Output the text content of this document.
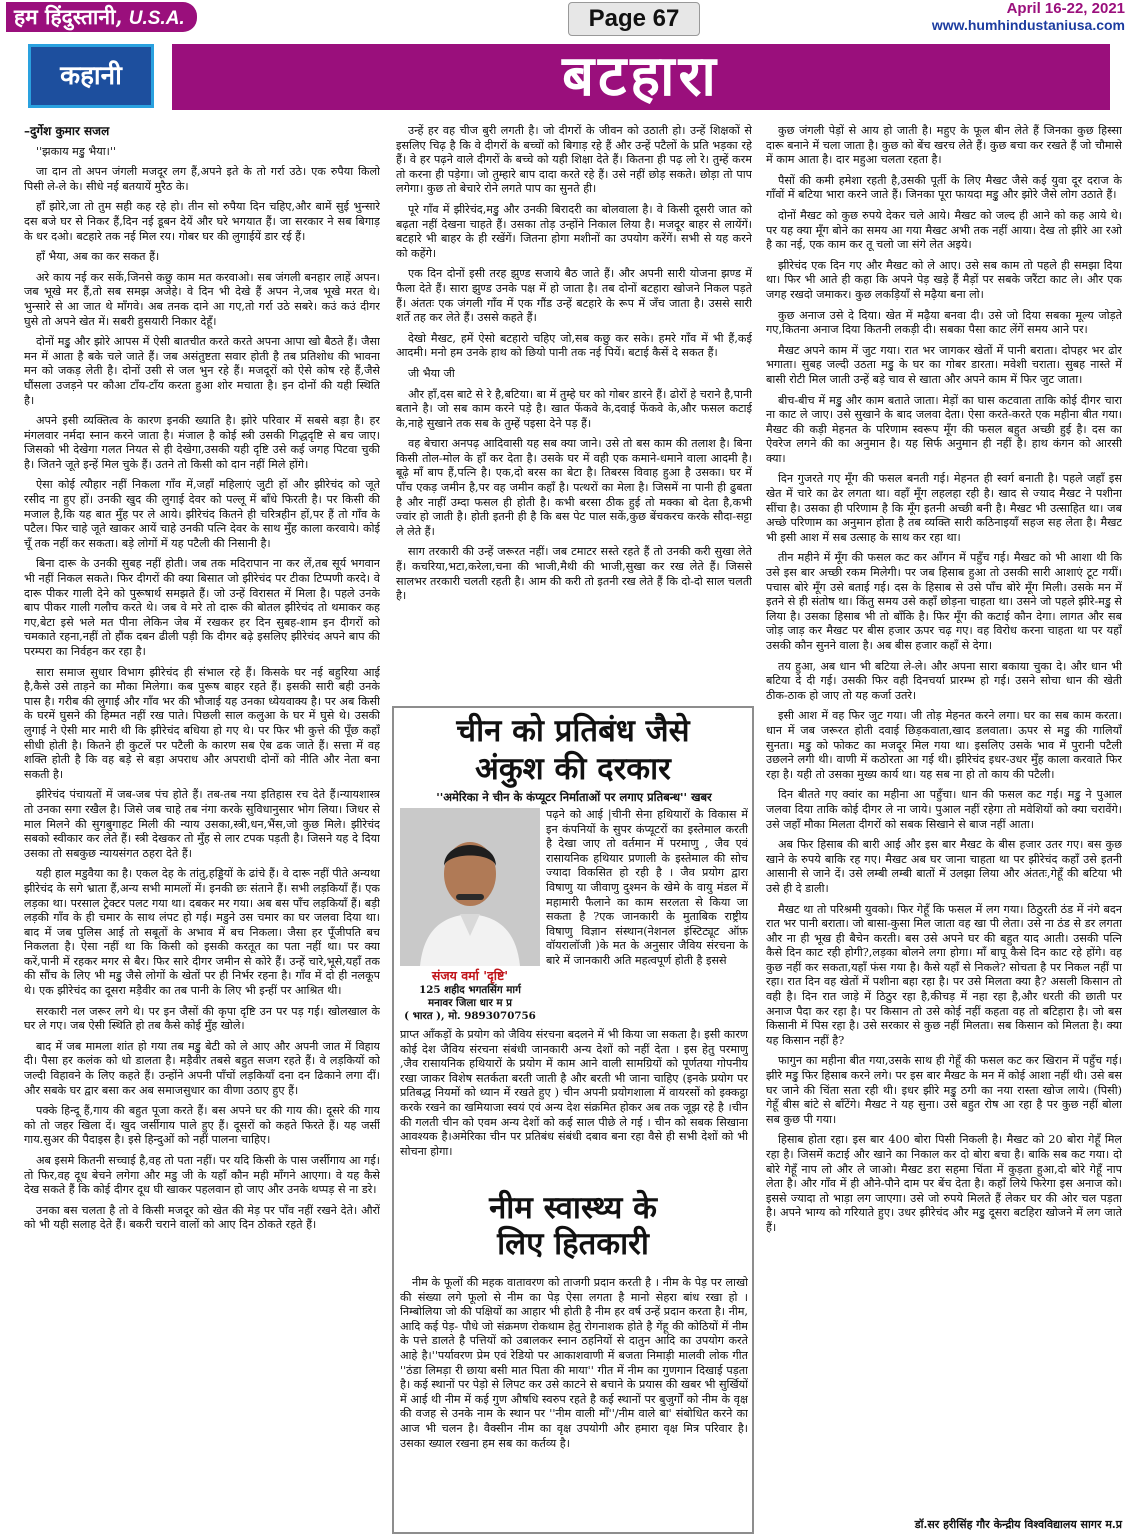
हम हिंदुस्तानी, U.S.A.	Page 67	April 16-22, 2021
www.humhindustaniusa.com
कहानी	बटहारा

–दुर्गेश कुमार सजल

''झकाय मडु़ भैया।''

जा दान तो अपन जंगली मजदूर लग हैं,अपने इते के तो गर्रा उठे। एक रुपैया किलो पिसी ले-ले के। सीधे नई बतयायें मुरैठ के।

हाँ झोरे,जा तो तुम सही कह रहे हो। तीन सो रुपैया दिन चहिए,और बामें सुई भुन्सारे दस बजे घर से निकर हैं,दिन नई डूबन देयें और घरे भगयात हैं। जा सरकार ने सब बिगाड़ के धर दओ। बटहारे तक नई मिल रय। गोबर घर की लुगाईयें डार रई हैं।

हाँ भैया, अब का कर सकत हैं।

अरे काय नई कर सकें,जिनसे कछु काम मत करवाओ। सब जंगली बनहार लाहें अपन। जब भूखे मर हैं,तो सब समझ अजेहे। वे दिन भी देखे हैं अपन ने,जब भूखे मरत थे। भुन्सारे से आ जात थे माँगवे। अब तनक दाने आ गए,तो गर्रा उठे सबरे। कउं कउं दीगर घुसे तो अपने खेत में। सबरी हुसयारी निकार देहूँ।

दोनों मडु़ और झोरे आपस में ऐसी बातचीत करते करते अपना आपा खो बैठते हैं। जैसा मन में आता है बके चले जाते हैं। जब असंतुष्टता सवार होती है तब प्रतिशोध की भावना मन को जकड़ लेती है। दोनों उसी से जल भुन रहे हैं। मजदूरों को ऐसे कोष रहे हैं,जैसे घौंसला उजड़ने पर कौआ टाँय-टाँय करता हुआ शोर मचाता है। इन दोनों की यही स्थिति है।

अपने इसी व्यक्तित्व के कारण इनकी ख्याति है। झोरे परिवार में सबसे बड़ा है। हर मंगलवार नर्मदा स्नान करने जाता है। मंजाल है कोई स्त्री उसकी गिद्धदृष्टि से बच जाए। जिसको भी देखेगा गलत नियत से ही देखेगा,उसकी यही दृष्टि उसे कई जगह पिटवा चुकी है। जितने जूते इन्हें मिल चुके हैं। उतने तो किसी को दान नहीं मिले होंगे।

ऐसा कोई त्यौहार नहीं निकला गाँव में,जहाँ महिलाएं जुटी हों और झीरेचंद को जूते रसीद ना हुए हों। उनकी खुद की लुगाई देवर को पल्लू में बाँधे फिरती है। पर किसी की मजाल है,कि यह बात मुँह पर ले आये। झीरेचंद कितने ही चरित्रहीन हों,पर हैं तो गाँव के पटैल। फिर चाहे जूते खाकर आयें चाहे उनकी पत्नि देवर के साथ मुँह काला करवाये। कोई चूँ तक नहीं कर सकता। बड़े लोगों में यह पटैली की निसानी है।

बिना दारू के उनकी सुबह नहीं होती। जब तक मदिरापान ना कर लें,तब सूर्य भगवान भी नहीं निकल सकते। फिर दीगरों की क्या बिसात जो झीरेचंद पर टीका टिप्पणी करदे। वे दारू पीकर गाली देने को पुरूषार्थ समझते हैं। जो उन्हें विरासत में मिला है। पहले उनके बाप पीकर गाली गलौच करते थे। जब वे मरे तो दारू की बोतल झीरेचंद तो थमाकर कह गए,बेटा इसे भले मत पीना लेकिन जेब में रखकर हर दिन सुबह-शाम इन दीगरों को चमकाते रहना,नहीं तो हौंक दबन ढीली पड़ी कि दीगर बढ़े इसलिए झीरेचंद अपने बाप की परम्परा का निर्वहन कर रहा है।

सारा समाज सुधार विभाग झीरेचंद ही संभाल रहे हैं। किसके घर नई बहुरिया आई है,कैसे उसे ताड़ने का मौका मिलेगा। कब पुरूष बाहर रहते हैं। इसकी सारी बही उनके पास है। गरीब की लुगाई और गाँव भर की भौजाई यह उनका ध्येयवाक्य है। पर अब किसी के घरमें घुसने की हिम्मत नहीं रख पाते। पिछली साल कलुआ के घर में घुसे थे। उसकी लुगाई ने ऐसी मार मारी थी कि झीरेचंद बधिया हो गए थे। पर फिर भी कुत्ते की पूँछ कहाँ सीधी होती है। कितने ही कुटलें पर पटैली के कारण सब ऐब ढक जाते हैं। सत्ता में वह शक्ति होती है कि वह बड़े से बड़ा अपराध और अपराधी दोनों को नीति और नेता बना सकती है।

झीरेचंद पंचायतों में जब-जब पंच होते हैं। तब-तब नया इतिहास रच देते हैं।न्यायशास्त्र तो उनका सगा रखैल है। जिसे जब चाहे तब नंगा करके सुविधानुसार भोग लिया। जिधर से माल मिलने की सुगबुगाहट मिली की न्याय उसका,स्त्री,धन,भैंस,जो कुछ मिले। झीरेचंद सबको स्वीकार कर लेते हैं। स्त्री देखकर तो मुँह से लार टपक पड़ती है। जिसने यह दे दिया उसका तो सबकुछ न्यायसंगत ठहरा देते हैं।

यही हाल मडुवैया का है। एकल देह के तांतु,हड्डियों के ढांचे हैं। वे दारू नहीं पीते अन्यथा झीरेचंद के सगे भ्राता हैं,अन्य सभी मामलों में। इनकी छः संताने हैं। सभी लड़कियाँ हैं। एक लड़का था। परसाल ट्रेक्टर पलट गया था। दबकर मर गया। अब बस पाँच लड़कियाँ हैं। बड़ी लड़की गाँव के ही चमार के साथ लंपट हो गई। मडुने उस चमार का घर जलवा दिया था। बाद में जब पुलिस आई तो सबूतों के अभाव में बच निकला। जैसा हर पूँजीपति बच निकलता है। ऐसा नहीं था कि किसी को इसकी करतूत का पता नहीं था। पर क्या करें,पानी में रहकर मगर से बैर। फिर सारे दीगर जमीन से कोरे हैं। उन्हें चारे,भूसे,यहाँ तक की सौंच के लिए भी मडु़ जैसे लोगों के खेतों पर ही निर्भर रहना है। गाँव में दो ही नलकूप थे। एक झीरेचंद का दूसरा मड़ैवीर का तब पानी के लिए भी इन्हीं पर आश्रित थी।

सरकारी नल जरूर लगे थे। पर इन जैसों की कृपा दृष्टि उन पर पड़ गई। खोलखाल के घर ले गए। जब ऐसी स्थिति हो तब कैसे कोई मुँह खोले।

बाद में जब मामला शांत हो गया तब मडु़ बेटी को ले आए और अपनी जात में विहाय दी। पैसा हर कलंक को धो डालता है। मड़ैवीर तबसे बहुत सजग रहते हैं। वे लड़कियों को जल्दी विहावने के लिए कहते हैं। उन्होंने अपनी पाँचों लड़कियाँ दना दन ढिकाने लगा दीं। और सबके घर द्वार बसा कर अब समाजसुधार का वीणा उठाए हुए हैं।

पक्के हिन्दू हैं,गाय की बहुत पूजा करते हैं। बस अपने घर की गाय की। दूसरे की गाय को तो जहर खिला दें। खुद जर्सीगाय पाले हुए हैं। दूसरों को कहते फिरते हैं। यह जर्सी गाय.सुअर की पैदाइस है। इसे हिन्दुओं को नहीं पालना चाहिए।

अब इसमे कितनी सच्चाई है,वह तो पता नहीं। पर यदि किसी के पास जर्सीगाय आ गई। तो फिर,वह दूध बेचने लगेगा और मडु जी के यहाँ कौन मही माँगने आएगा। वे यह कैसे देख सकते हैं कि कोई दीगर दूध घी खाकर पहलवान हो जाए और उनके थप्पड़ से ना डरे।

उनका बस चलता है तो वे किसी मजदूर को खेत की मेड़ पर पाँव नहीं रखने देते। औरों को भी यही सलाह देते हैं। बकरी चराने वालों को आए दिन ठोकते रहते हैं।

उन्हें हर वह चीज बुरी लगती है। जो दीगरों के जीवन को उठाती हो। उन्हें शिक्षकों से इसलिए चिढ़ है कि वे दीगरों के बच्चों को बिगाड़ रहे हैं और उन्हें पटैलों के प्रति भड़का रहे हैं। वे हर पढ़ने वाले दीगरों के बच्चे को यही शिक्षा देते हैं। कितना ही पढ़ लो रे। तुम्हें करम तो करना ही पड़ेगा। जो तुम्हारे बाप दादा करते रहे हैं। उसे नहीं छोड़ सकते। छोड़ा तो पाप लगेगा। कुछ तो बेचारे रोने लगते पाप का सुनते ही।

पूरे गाँव में झीरेचंद,मडु़ और उनकी बिरादरी का बोलवाला है। वे किसी दूसरी जात को बढ़ता नहीं देखना चाहते हैं। उसका तोड़ उन्होंने निकाल लिया है। मजदूर बाहर से लायेंगें। बटहारे भी बाहर के ही रखेंगें। जितना होगा मशीनों का उपयोग करेंगें। सभी से यह करने को कहेंगे।

एक दिन दोनों इसी तरह झुण्ड सजाये बैठ जाते हैं। और अपनी सारी योजना झण्ड में फैला देते हैं। सारा झुण्ड उनके पक्ष में हो जाता है। तब दोनों बटहारा खोजने निकल पड़ते हैं। अंततः एक जंगली गाँव में एक गौंड उन्हें बटहारे के रूप में जँच जाता है। उससे सारी शर्ते तह कर लेते हैं। उससे कहते हैं।

देखो मैखट, हमें ऐसो बटहारो चहिए जो,सब कछु कर सके। हमरे गाँव में भी हैं,कई आदमी। मनो हम उनके हाथ को छियो पानी तक नई पियें। बटाई कैसें दे सकत हैं।

जी भैया जी

और हाँ,दस बाटे से रे है,बटिया। बा में तुम्हे घर को गोबर डारने हैं। ढोरों हे चराने है,पानी बताने है। जो सब काम करने पड़े है। खात फेंकवे के,दवाई फेंकवे के,और फसल कटाई के,नाहे सुखाने तक सब के तुम्हें पइसा देने पड़ हैं।

वह बेचारा अनपढ़ आदिवासी यह सब क्या जाने। उसे तो बस काम की तलाश है। बिना किसी तोल-मोल के हाँ कर देता है। उसके घर में वही एक कमाने-धमाने वाला आदमी है। बूढ़े माँ बाप हैं,पत्नि है। एक,दो बरस का बेटा है। तिबरस विवाह हुआ है उसका। घर में पाँच एकड़ जमीन है,पर वह जमीन कहाँ है। पत्थरों का मेला है। जिसमें ना पानी ही ढुबता है और नाहीं उम्दा फसल ही होती है। कभी बरसा ठीक हुई तो मक्का बो देता है,कभी ज्वांर हो जाती है। होती इतनी ही है कि बस पेट पाल सकें,कुछ बेंचकरच करके सौदा-सट्टा ले लेते हैं।

साग तरकारी की उन्हें जरूरत नहीं। जब टमाटर सस्ते रहते हैं तो उनकी करी सुखा लेते हैं। कचरिया,भटा,करेला,चना की भाजी,मैथी की भाजी,सुखा कर रख लेते हैं। जिससे सालभर तरकारी चलती रहती है। आम की करी तो इतनी रख लेते हैं कि दो-दो साल चलती है।

कुछ जंगली पेड़ों से आय हो जाती है। महुए के फूल बीन लेते हैं जिनका कुछ हिस्सा दारू बनाने में चला जाता है। कुछ को बेंच खरच लेते हैं। कुछ बचा कर रखते हैं जो चौमासे में काम आता है। दार महुआ चलता रहता है।

पैसों की कमी हमेशा रहती है,उसकी पूर्ती के लिए मैखट जैसे कई युवा दूर दराज के गाँवों में बटिया भारा करने जाते हैं। जिनका पूरा फायदा मडु़ और झोरे जैसे लोग उठाते हैं।

दोनों मैखट को कुछ रुपये देकर चले आये। मैखट को जल्द ही आने को कह आये थे। पर यह क्या मूँग बोने का समय आ गया मैखट अभी तक नहीं आया। देख तो झीरे आ रओ है का नई, एक काम कर तू चलो जा संगे लेत अइये।

झीरेचंद एक दिन गए और मैखट को ले आए। उसे सब काम तो पहले ही समझा दिया था। फिर भी आते ही कहा कि अपने पेड़ खड़े हैं मैड़ों पर सबके जरैंटा काट ले। और एक जगह रखदो जमाकर। कुछ लकड़ियाँ से मढ़ैया बना लो।

कुछ अनाज उसे दे दिया। खेत में मढ़ैया बनवा दी। उसे जो दिया सबका मूल्य जोड़ते गए,कितना अनाज दिया कितनी लकड़ी दी। सबका पैसा काट लेंगें समय आने पर।

मैखट अपने काम में जुट गया। रात भर जागकर खेतों में पानी बराता। दोपहर भर ढोर भगाता। सुबह जल्दी उठता मडु़ के घर का गोबर डारता। मवेशी चराता। सुबह नास्ते में बासी रोटी मिल जाती उन्हें बड़े चाव से खाता और अपने काम में फिर जुट जाता।

बीच-बीच में मडु़ और काम बताते जाता। मेड़ों का घास कटवाता ताकि कोई दीगर चारा ना काट ले जाए। उसे सुखाने के बाद जलवा देता। ऐसा करते-करते एक महीना बीत गया। मैखट की कड़ी मेहनत के परिणाम स्वरूप मूँग की फसल बहुत अच्छी हुई है। दस का ऐवरेज लगने की का अनुमान है। यह सिर्फ अनुमान ही नहीं है। हाथ कंगन को आरसी क्या।

दिन गुजरते गए मूँग की फसल बनती गई। मेहनत ही स्वर्ग बनाती है। पहले जहाँ इस खेत में चारे का ढेर लगता था। वहाँ मूँग लहलहा रही है। खाद से ज्याद मैखट ने पशीना सींचा है। उसका ही परिणाम है कि मूँग इतनी अच्छी बनी है। मैखट भी उत्साहित था। जब अच्छे परिणाम का अनुमान होता है तब व्यक्ति सारी कठिनाइयाँ सहज सह लेता है। मैखट भी इसी आश में सब उत्साह के साथ कर रहा था।

तीन महीने में मूँग की फसल कट कर आँगन में पहुँच गई। मैखट को भी आशा थी कि उसे इस बार अच्छी रकम मिलेगी। पर जब हिसाब हुआ तो उसकी सारी आशाएं टूट गयीं। पचास बोरे मूँग उसे बताई गई। दस के हिसाब से उसे पाँच बोरे मूँग मिली। उसके मन में इतने से ही संतोष था। किंतु समय उसे कहाँ छोड़ना चाहता था। उसने जो पहले झीरे-मडु़ से लिया है। उसका हिसाब भी तो बाँकि है। फिर मूँग की कटाई कौन देगा। लागत और सब जोड़ जाड़ कर मैखट पर बीस हजार ऊपर चढ़ गए। वह विरोध करना चाहता था पर यहाँ उसकी कौन सुनने वाला है। अब बीस हजार कहाँ से देगा।

तय हुआ, अब धान भी बटिया ले-ले। और अपना सारा बकाया चुका दे। और धान भी बटिया दे दी गई। उसकी फिर वही दिनचर्या प्रारम्भ हो गई। उसने सोचा धान की खेती ठीक-ठाक हो जाए तो यह कर्जा उतरे।

इसी आश में वह फिर जुट गया। जी तोड़ मेहनत करने लगा। घर का सब काम करता। धान में जब जरूरत होती दवाई छिड़कवाता,खाद डलवाता। ऊपर से मडु़ की गालियाँ सुनता। मडु़ को फोकट का मजदूर मिल गया था। इसलिए उसके भाव में पुरानी पटैली उछलने लगी थी। वाणी में कठोरता आ गई थी। झीरेचंद इधर-उधर मुँह काला करवाते फिर रहा है। यही तो उसका मुख्य कार्य था। यह सब ना हो तो काय की पटैली।

दिन बीतते गए क्वांर का महीना आ पहुँचा। धान की फसल कट गई। मडु़ ने पुआल जलवा दिया ताकि कोई दीगर ले ना जाये। पुआल नहीं रहेगा तो मवेशियों को क्या चरावेंगे। उसे जहाँ मौका मिलता दीगरों को सबक सिखाने से बाज नहीं आता।

अब फिर हिसाब की बारी आई और इस बार मैखट के बीस हजार उतर गए। बस कुछ खाने के रुपये बाकि रह गए। मैखट अब घर जाना चाहता था पर झीरेचंद कहाँ उसे इतनी आसानी से जाने दें। उसे लम्बी लम्बी बातों में उलझा लिया और अंततः,गेहूँ की बटिया भी उसे ही दे डाली।

मैखट था तो परिश्रमी युवको। फिर गेहूँ कि फसल में लग गया। ठिठुरती ठंड में नंगे बदन रात भर पानी बराता। जो बासा-कुसा मिल जाता वह खा पी लेता। उसे ना ठंड से डर लगता और ना ही भूख ही बैचेन करती। बस उसे अपने घर की बहुत याद आती। उसकी पत्नि कैसे दिन काट रही होगी?,लड़का बोलने लगा होगा। माँ बापू कैसे दिन काट रहे होंगे। वह कुछ नहीं कर सकता,यहाँ फंस गया है। कैसे यहाँ से निकले? सोचता है पर निकल नहीं पा रहा। रात दिन वह खेतों में पशीना बहा रहा है। पर उसे मिलता क्या है? असली किसान तो वही है। दिन रात जाड़े में ठिठुर रहा है,कीचड़ में नहा रहा है,और धरती की छाती पर अनाज पैदा कर रहा है। पर किसान तो उसे कोई नहीं कहता वह तो बटिहारा है। जो बस किसानी में पिस रहा है। उसे सरकार से कुछ नहीं मिलता। सब किसान को मिलता है। क्या यह किसान नहीं है?

फागुन का महीना बीत गया,उसके साथ ही गेहूँ की फसल कट कर खिरान में पहुँच गई। झीरे मडु़ फिर हिसाब करने लगे। पर इस बार मैखट के मन में कोई आशा नहीं थी। उसे बस घर जाने की चिंता सता रही थी। इधर झीरे मडु़ ठगी का नया रास्ता खोज लाये। (पिसी) गेहूँ बीस बांटे से बाँटेंगे। मैखट ने यह सुना। उसे बहुत रोष आ रहा है पर कुछ नहीं बोला सब कुछ पी गया।

हिसाब होता रहा। इस बार 400 बोरा पिसी निकली है। मैखट को 20 बोरा गेहूँ मिल रहा है। जिसमें कटाई और खाने का निकाल कर दो बोरा बचा है। बाकि सब कट गया। दो बोरे गेहूँ नाप लो और ले जाओ। मैखट डरा सहमा चिंता में कुड़ता हुआ,दो बोरे गेहूँ नाप लेता है। और गाँव में ही औने-पौने दाम पर बेंच देता है। कहाँ लिये फिरेगा इस अनाज को। इससे ज्यादा तो भाड़ा लग जाएगा। उसे जो रुपये मिलते हैं लेकर घर की ओर चल पड़ता है। अपने भाग्य को गरियाते हुए। उधर झीरेचंद और मडु़ दूसरा बटहिरा खोजने में लग जाते हैं।

डॉ.सर हरीसिंह गौर केन्द्रीय विश्वविद्यालय सागर म.प्र
चीन को प्रतिबंध जैसे
अंकुश की दरकार
''अमेरिका ने चीन के कंप्यूटर निर्माताओं पर लगाए प्रतिबन्ध'' खबर
संजय वर्मा 'दृष्टि'
125 शहीद भगतसिंग मार्ग
मनावर जिला धार म प्र
( भारत ), मो. 9893070756

पढ़ने को आई |चीनी सेना हथियारों के विकास में इन कंपनियों के सुपर कंप्यूटरों का इस्तेमाल करती है देखा जाए तो वर्तमान में परमाणु , जैव एवं रासायनिक हथियार प्रणाली के इस्तेमाल की सोच ज्यादा विकसित हो रही है । जैव प्रयोग द्वारा विषाणु या जीवाणु दुश्मन के खेमे के वायु मंडल में महामारी फैलाने का काम सरलता से किया जा सकता है ?एक जानकारी के मुताबिक राष्ट्रीय विषाणु विज्ञान संस्थान(नेशनल इंस्टिट्यूट ऑफ़ वॉयरालॉजी )के मत के अनुसार जैविय संरचना के बारे में जानकारी अति महत्वपूर्ण होती है इससे

प्राप्त आँकड़ों के प्रयोग को जैविय संरचना बदलने में भी किया जा सकता है। इसी कारण कोई देश जैविय संरचना संबंधी जानकारी अन्य देशों को नहीं देता । इस हेतु परमाणु ,जैव रासायनिक हथियारों के प्रयोग में काम आने वाली सामग्रियों को पूर्णतया गोपनीय रखा जाकर विशेष सतर्कता बरती जाती है और बरती भी जाना चाहिए (इनके प्रयोग पर प्रतिबद्ध नियमों को ध्यान में रखते हुए ) चीन अपनी प्रयोगशाला में वायरसों को इक्कट्ठा करके रखने का खमियाजा स्वयं एवं अन्य देश संक्रमित होकर अब तक जूझ रहे है ।चीन की गलती चीन को एवम अन्य देशों को कई साल पीछे ले गई । चीन को सबक सिखाना आवश्यक है।अमेरिका चीन पर प्रतिबंध संबंधी दबाव बना रहा वैसे ही सभी देशों को भी सोचना होगा।

नीम स्वास्थ्य के
लिए हितकारी

नीम के फूलों की महक वातावरण को ताजगी प्रदान करती है । नीम के पेड़ पर लाखो की संख्या लगे फूलो से नीम का पेड़ ऐसा लगता है मानो सेहरा बांध रखा हो । निम्बोलिया जो की पक्षियों का आहार भी होती है नीम हर वर्ष उन्हें प्रदान करता है। नीम, आदि कई पेड़- पौधे जो संक्रमण रोकथाम हेतु रोगनाशक होते है गेंहू की कोठियों में नीम के पत्ते डालते है पत्तियों को उबालकर स्नान ठहनियों से दातुन आदि का उपयोग करते आहे है।''पर्यावरण प्रेम एवं रेडियो पर आकाशवाणी में बजता निमाड़ी मालवी लोक गीत ''ठंडा लिमड़ा री छाया बसी मात पिता की माया'' गीत में नीम का गुणगान दिखाई पड़ता है। कई स्थानों पर पेड़ो से लिपट कर उसे काटने से बचाने के प्रयास की खबर भी सुर्खियों में आई थी नीम में कई गुण औषधि स्वरुप रहते है कई स्थानों पर बुजुर्गों को नीम के वृक्ष की वजह से उनके नाम के स्थान पर ''नीम वाली माँ''/नीम वाले बा' संबोधित करने का आज भी चलन है। वैक्सीन नीम का वृक्ष उपयोगी और हमारा वृक्ष मित्र परिवार है। उसका ख्याल रखना हम सब का कर्तव्य है।
